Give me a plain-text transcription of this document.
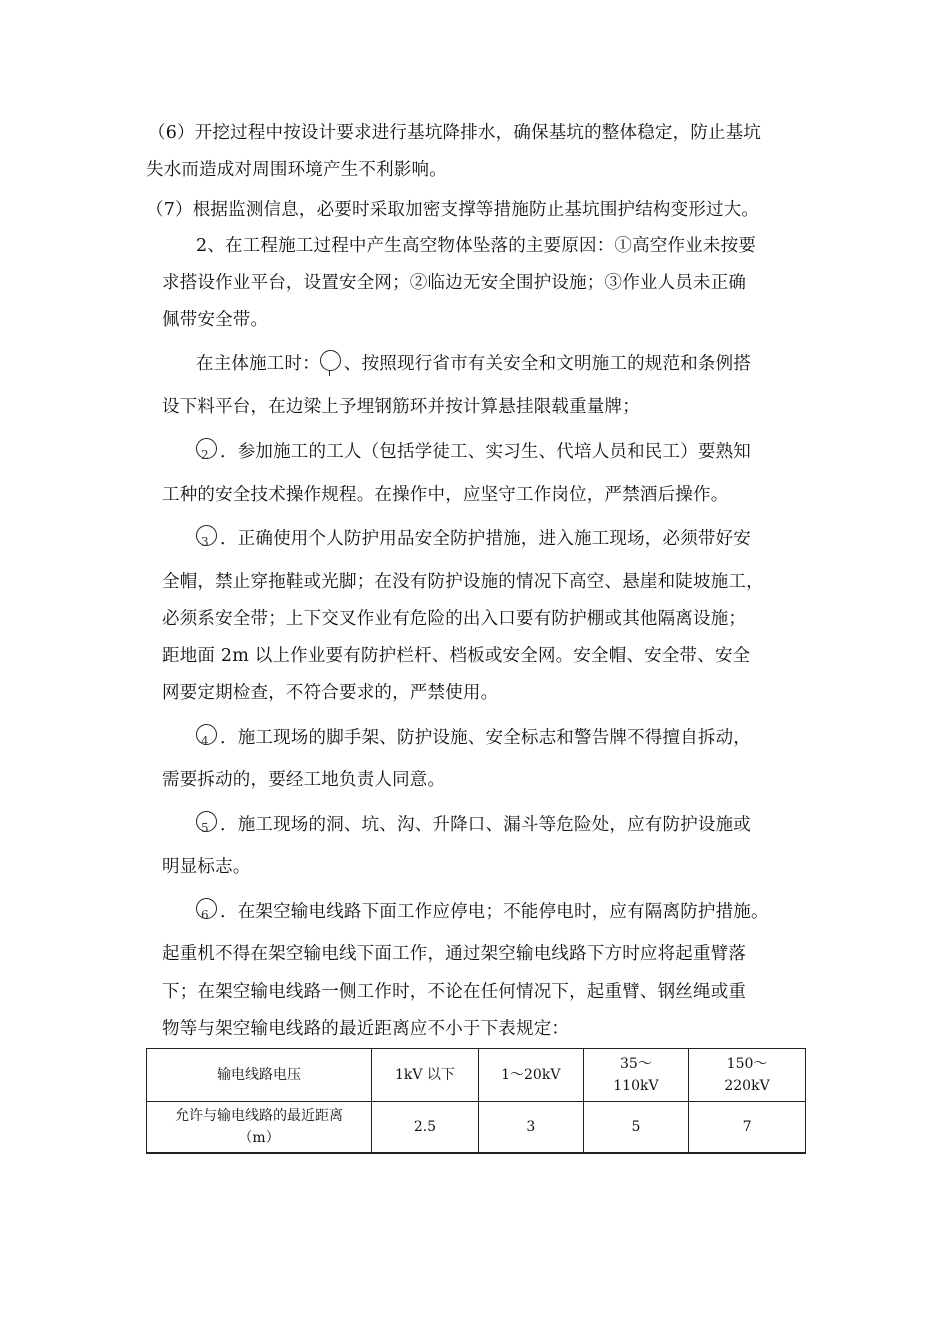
（6）开挖过程中按设计要求进行基坑降排水，确保基坑的整体稳定，防止基坑
失水而造成对周围环境产生不利影响。
（7）根据监测信息，必要时采取加密支撑等措施防止基坑围护结构变形过大。
2、在工程施工过程中产生高空物体坠落的主要原因：①高空作业未按要
求搭设作业平台，设置安全网；②临边无安全围护设施；③作业人员未正确
佩带安全带。
在主体施工时： 、按照现行省市有关安全和文明施工的规范和条例搭
设下料平台，在边梁上予埋钢筋环并按计算悬挂限载重量牌；
2 ．参加施工的工人（包括学徒工、实习生、代培人员和民工）要熟知
工种的安全技术操作规程。在操作中，应坚守工作岗位，严禁酒后操作。
3 ．正确使用个人防护用品安全防护措施，进入施工现场，必须带好安
全帽，禁止穿拖鞋或光脚；在没有防护设施的情况下高空、悬崖和陡坡施工，
必须系安全带；上下交叉作业有危险的出入口要有防护棚或其他隔离设施；
距地面 2m 以上作业要有防护栏杆、档板或安全网。安全帽、安全带、安全
网要定期检查，不符合要求的，严禁使用。
4 ．施工现场的脚手架、防护设施、安全标志和警告牌不得擅自拆动，
需要拆动的，要经工地负责人同意。
5 ．施工现场的洞、坑、沟、升降口、漏斗等危险处，应有防护设施或
明显标志。
6 ．在架空输电线路下面工作应停电；不能停电时，应有隔离防护措施。
起重机不得在架空输电线下面工作，通过架空输电线路下方时应将起重臂落
下；在架空输电线路一侧工作时，不论在任何情况下，起重臂、钢丝绳或重
物等与架空输电线路的最近距离应不小于下表规定：
输电线路电压	1kV 以下	1～20kV	35～
110kV	150～
220kV
允许与输电线路的最近距离
（m）	2.5	3	5	7
